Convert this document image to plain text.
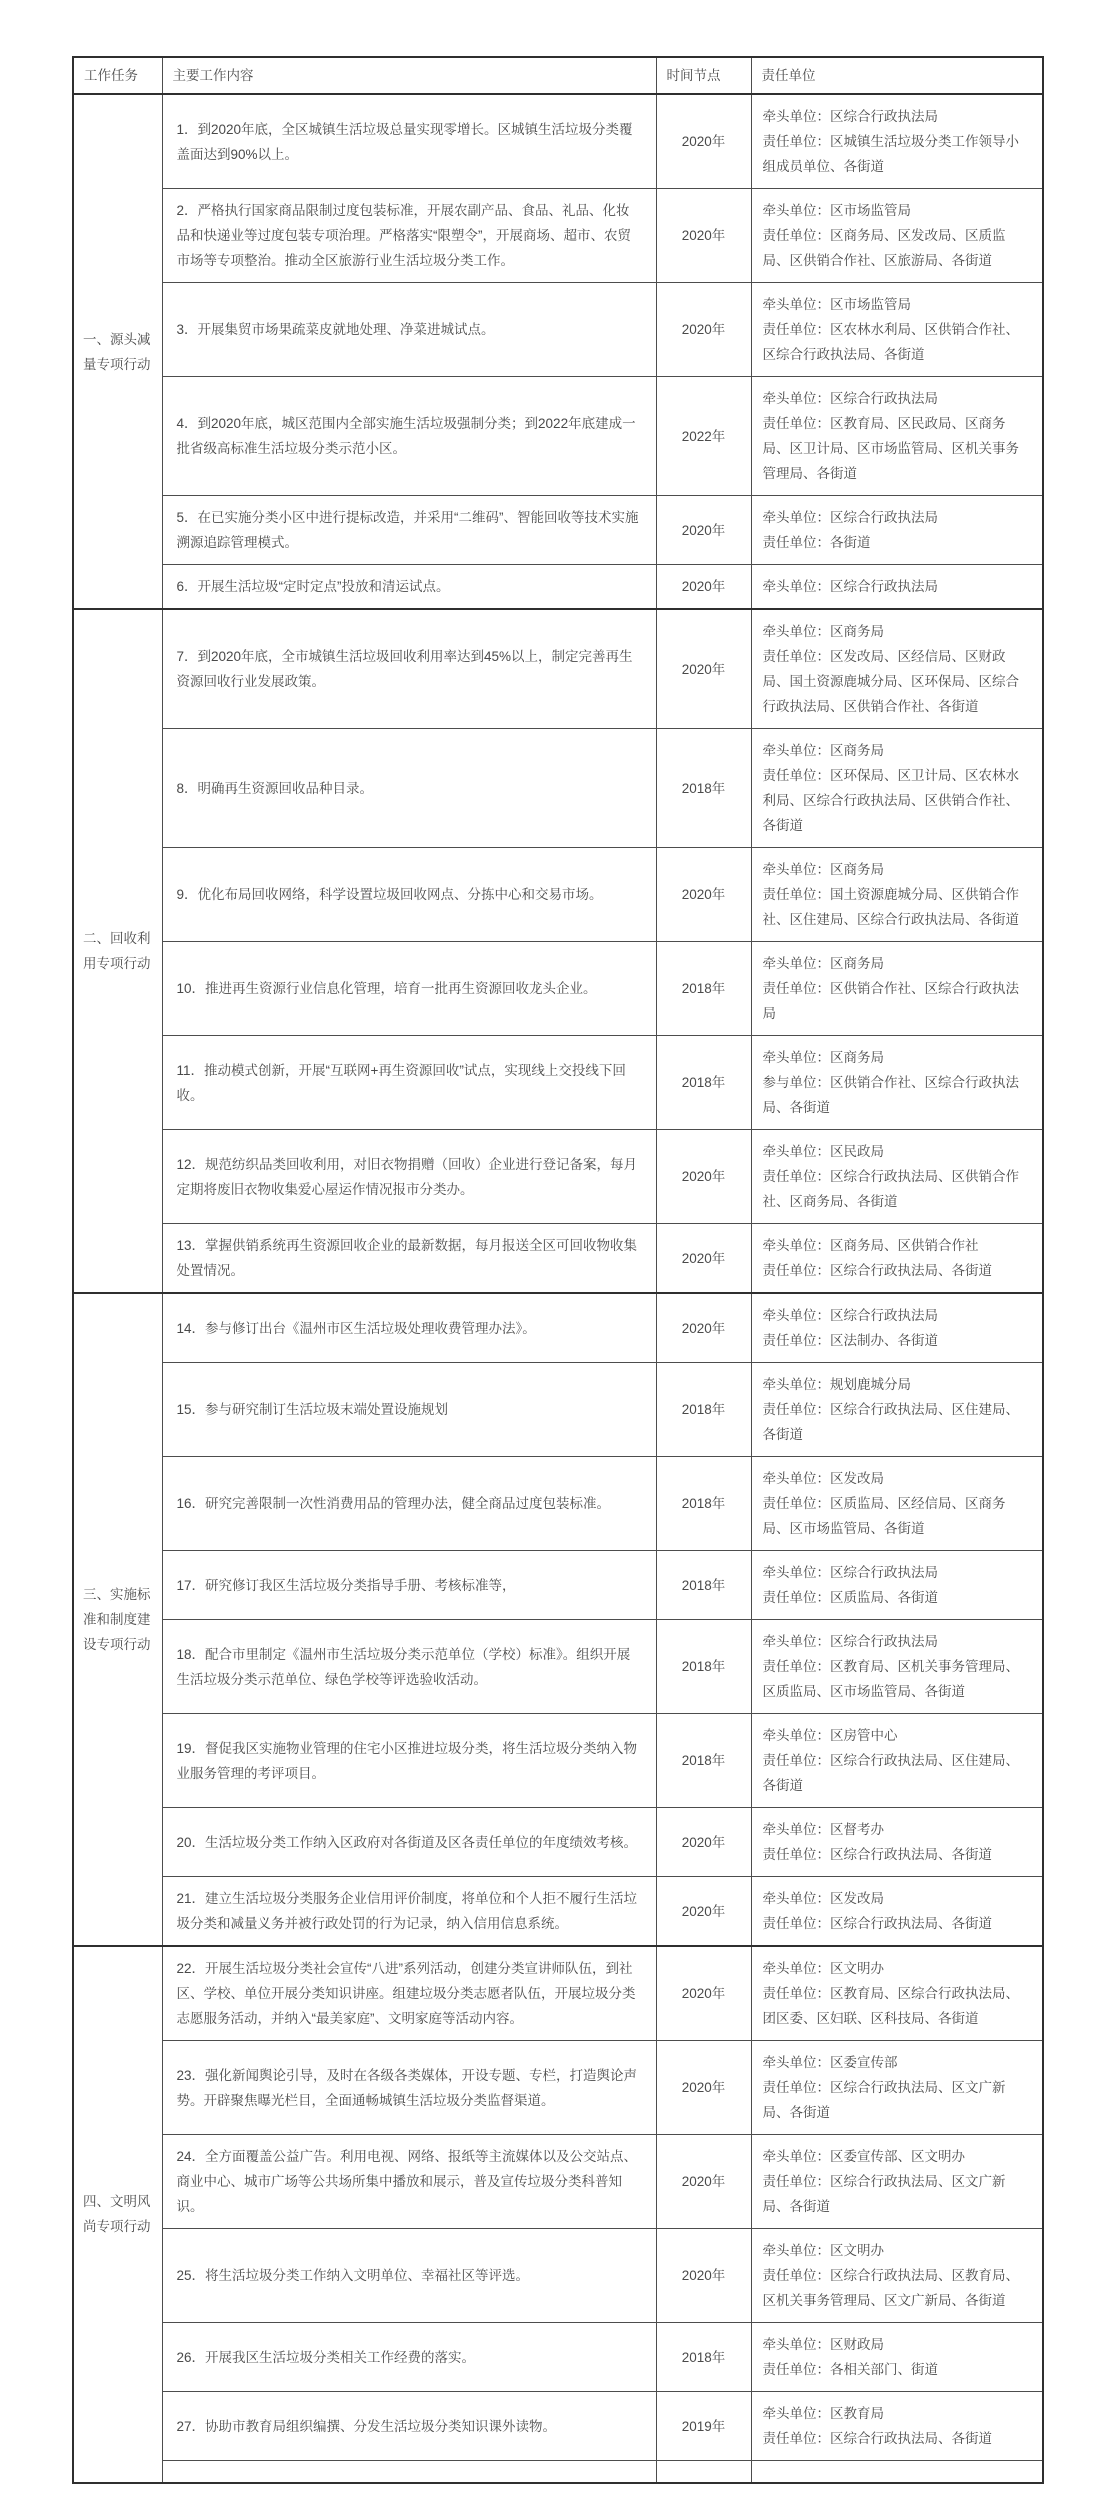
工作任务	主要工作内容	时间节点	责任单位
一、源头减量专项行动	1．到2020年底，全区城镇生活垃圾总量实现零增长。区城镇生活垃圾分类覆盖面达到90%以上。	2020年	牵头单位：区综合行政执法局
责任单位：区城镇生活垃圾分类工作领导小组成员单位、各街道

	2．严格执行国家商品限制过度包装标准，开展农副产品、食品、礼品、化妆品和快递业等过度包装专项治理。严格落实“限塑令”，开展商场、超市、农贸市场等专项整治。推动全区旅游行业生活垃圾分类工作。	2020年	牵头单位：区市场监管局
责任单位：区商务局、区发改局、区质监局、区供销合作社、区旅游局、各街道

	3．开展集贸市场果疏菜皮就地处理、净菜进城试点。	2020年	牵头单位：区市场监管局
责任单位：区农林水利局、区供销合作社、区综合行政执法局、各街道

	4．到2020年底，城区范围内全部实施生活垃圾强制分类；到2022年底建成一批省级高标准生活垃圾分类示范小区。	2022年	牵头单位：区综合行政执法局
责任单位：区教育局、区民政局、区商务局、区卫计局、区市场监管局、区机关事务管理局、各街道

	5．在已实施分类小区中进行提标改造，并采用“二维码”、智能回收等技术实施溯源追踪管理模式。	2020年	牵头单位：区综合行政执法局
责任单位：各街道

	6．开展生活垃圾“定时定点”投放和清运试点。	2020年	牵头单位：区综合行政执法局

二、回收利用专项行动	7．到2020年底，全市城镇生活垃圾回收利用率达到45%以上，制定完善再生资源回收行业发展政策。	2020年	牵头单位：区商务局
责任单位：区发改局、区经信局、区财政局、国土资源鹿城分局、区环保局、区综合行政执法局、区供销合作社、各街道

	8．明确再生资源回收品种目录。	2018年	牵头单位：区商务局
责任单位：区环保局、区卫计局、区农林水利局、区综合行政执法局、区供销合作社、各街道

	9．优化布局回收网络，科学设置垃圾回收网点、分拣中心和交易市场。	2020年	牵头单位：区商务局
责任单位：国土资源鹿城分局、区供销合作社、区住建局、区综合行政执法局、各街道

	10．推进再生资源行业信息化管理，培育一批再生资源回收龙头企业。	2018年	牵头单位：区商务局
责任单位：区供销合作社、区综合行政执法局

	11．推动模式创新，开展“互联网+再生资源回收”试点，实现线上交投线下回收。	2018年	牵头单位：区商务局
参与单位：区供销合作社、区综合行政执法局、各街道

	12．规范纺织品类回收利用，对旧衣物捐赠（回收）企业进行登记备案，每月定期将废旧衣物收集爱心屋运作情况报市分类办。	2020年	牵头单位：区民政局
责任单位：区综合行政执法局、区供销合作社、区商务局、各街道

	13．掌握供销系统再生资源回收企业的最新数据，每月报送全区可回收物收集处置情况。	2020年	牵头单位：区商务局、区供销合作社
责任单位：区综合行政执法局、各街道

三、实施标准和制度建设专项行动	14．参与修订出台《温州市区生活垃圾处理收费管理办法》。	2020年	牵头单位：区综合行政执法局
责任单位：区法制办、各街道

	15．参与研究制订生活垃圾末端处置设施规划	2018年	牵头单位：规划鹿城分局
责任单位：区综合行政执法局、区住建局、各街道

	16．研究完善限制一次性消费用品的管理办法，健全商品过度包装标准。	2018年	牵头单位：区发改局
责任单位：区质监局、区经信局、区商务局、区市场监管局、各街道

	17．研究修订我区生活垃圾分类指导手册、考核标准等，	2018年	牵头单位：区综合行政执法局
责任单位：区质监局、各街道

	18．配合市里制定《温州市生活垃圾分类示范单位（学校）标准》。组织开展生活垃圾分类示范单位、绿色学校等评选验收活动。	2018年	牵头单位：区综合行政执法局
责任单位：区教育局、区机关事务管理局、区质监局、区市场监管局、各街道

	19．督促我区实施物业管理的住宅小区推进垃圾分类，将生活垃圾分类纳入物业服务管理的考评项目。	2018年	牵头单位：区房管中心
责任单位：区综合行政执法局、区住建局、各街道

	20．生活垃圾分类工作纳入区政府对各街道及区各责任单位的年度绩效考核。	2020年	牵头单位：区督考办
责任单位：区综合行政执法局、各街道

	21．建立生活垃圾分类服务企业信用评价制度，将单位和个人拒不履行生活垃圾分类和减量义务并被行政处罚的行为记录，纳入信用信息系统。	2020年	牵头单位：区发改局
责任单位：区综合行政执法局、各街道

四、文明风尚专项行动	22．开展生活垃圾分类社会宣传“八进”系列活动，创建分类宣讲师队伍，到社区、学校、单位开展分类知识讲座。组建垃圾分类志愿者队伍，开展垃圾分类志愿服务活动，并纳入“最美家庭”、文明家庭等活动内容。	2020年	牵头单位：区文明办
责任单位：区教育局、区综合行政执法局、团区委、区妇联、区科技局、各街道

	23．强化新闻舆论引导，及时在各级各类媒体，开设专题、专栏，打造舆论声势。开辟聚焦曝光栏目，全面通畅城镇生活垃圾分类监督渠道。	2020年	牵头单位：区委宣传部
责任单位：区综合行政执法局、区文广新局、各街道

	24．全方面覆盖公益广告。利用电视、网络、报纸等主流媒体以及公交站点、商业中心、城市广场等公共场所集中播放和展示，普及宣传垃圾分类科普知识。	2020年	牵头单位：区委宣传部、区文明办
责任单位：区综合行政执法局、区文广新局、各街道

	25．将生活垃圾分类工作纳入文明单位、幸福社区等评选。	2020年	牵头单位：区文明办
责任单位：区综合行政执法局、区教育局、区机关事务管理局、区文广新局、各街道

	26．开展我区生活垃圾分类相关工作经费的落实。	2018年	牵头单位：区财政局
责任单位：各相关部门、街道

	27．协助市教育局组织编撰、分发生活垃圾分类知识课外读物。	2019年	牵头单位：区教育局
责任单位：区综合行政执法局、各街道
